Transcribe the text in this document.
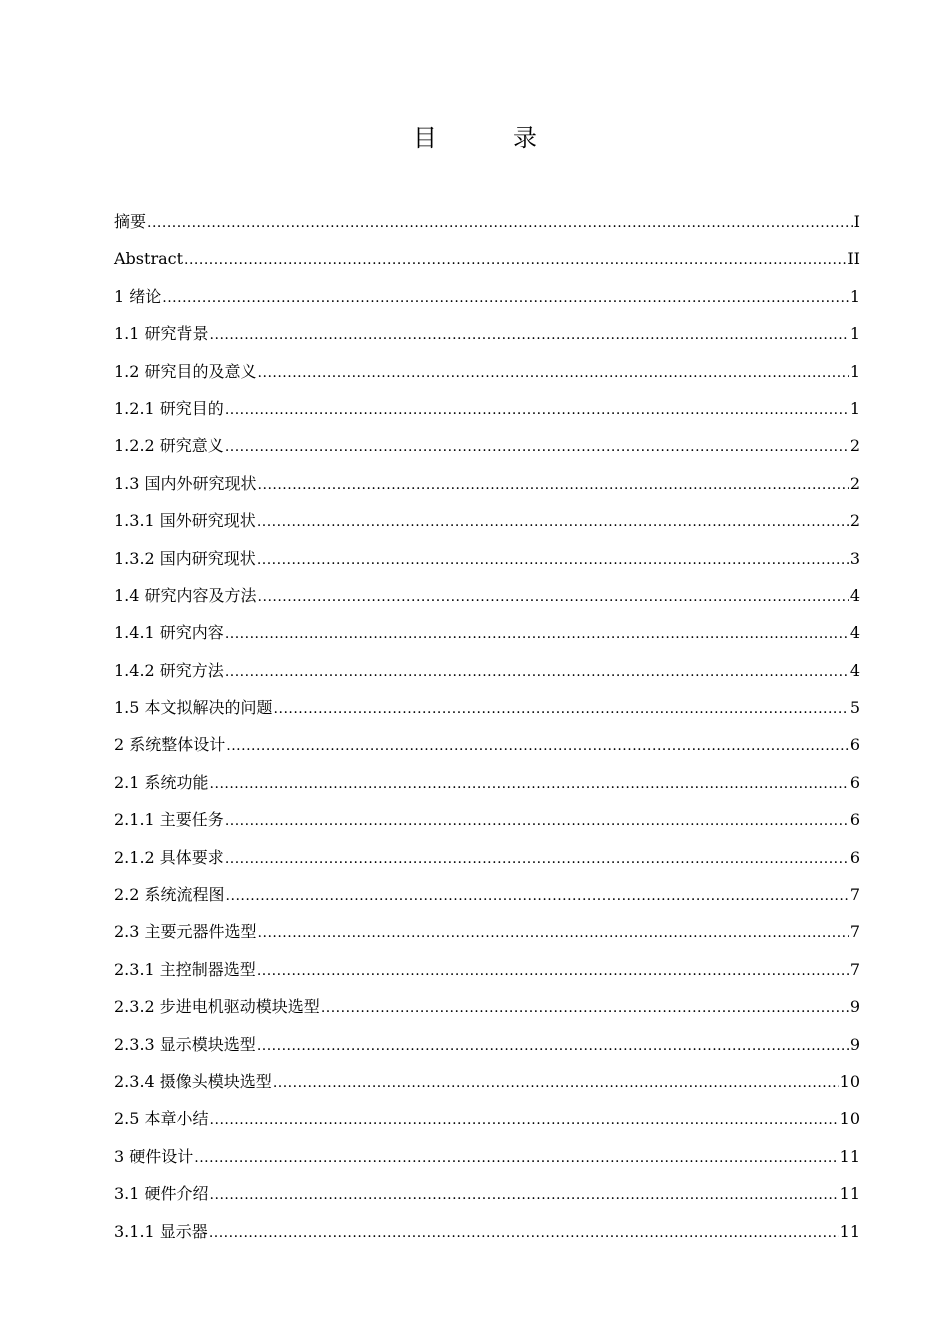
目　录
摘要 .....	I
Abstract .....	II
1 绪论 .....	1
1.1 研究背景 .....	1
1.2 研究目的及意义 .....	1
1.2.1 研究目的 .....	1
1.2.2 研究意义 .....	2
1.3 国内外研究现状 .....	2
1.3.1 国外研究现状 .....	2
1.3.2 国内研究现状 .....	3
1.4 研究内容及方法 .....	4
1.4.1 研究内容 .....	4
1.4.2 研究方法 .....	4
1.5 本文拟解决的问题 .....	5
2 系统整体设计 .....	6
2.1 系统功能 .....	6
2.1.1 主要任务 .....	6
2.1.2 具体要求 .....	6
2.2 系统流程图 .....	7
2.3 主要元器件选型 .....	7
2.3.1 主控制器选型 .....	7
2.3.2 步进电机驱动模块选型 .....	9
2.3.3 显示模块选型 .....	9
2.3.4 摄像头模块选型 .....	10
2.5 本章小结 .....	10
3 硬件设计 .....	11
3.1 硬件介绍 .....	11
3.1.1 显示器 .....	11
